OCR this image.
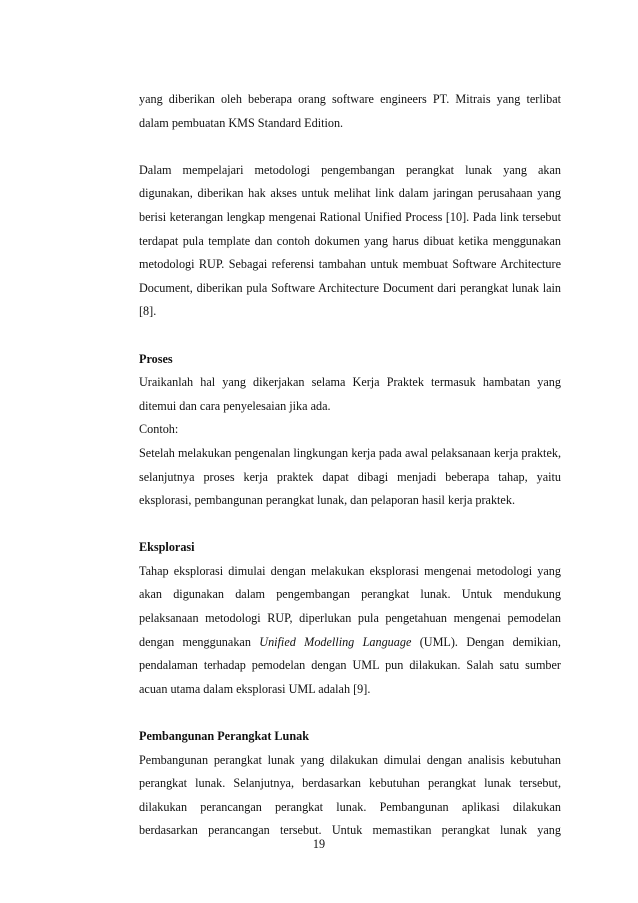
yang diberikan oleh beberapa orang software engineers PT. Mitrais yang terlibat dalam pembuatan KMS Standard Edition.

Dalam mempelajari metodologi pengembangan perangkat lunak yang akan digunakan, diberikan hak akses untuk melihat link dalam jaringan perusahaan yang berisi keterangan lengkap mengenai Rational Unified Process [10]. Pada link tersebut terdapat pula template dan contoh dokumen yang harus dibuat ketika menggunakan metodologi RUP. Sebagai referensi tambahan untuk membuat Software Architecture Document, diberikan pula Software Architecture Document dari perangkat lunak lain [8].

Proses

Uraikanlah hal yang dikerjakan selama Kerja Praktek termasuk hambatan yang ditemui dan cara penyelesaian jika ada.

Contoh:

Setelah melakukan pengenalan lingkungan kerja pada awal pelaksanaan kerja praktek, selanjutnya proses kerja praktek dapat dibagi menjadi beberapa tahap, yaitu eksplorasi, pembangunan perangkat lunak, dan pelaporan hasil kerja praktek.

Eksplorasi

Tahap eksplorasi dimulai dengan melakukan eksplorasi mengenai metodologi yang akan digunakan dalam pengembangan perangkat lunak. Untuk mendukung pelaksanaan metodologi RUP, diperlukan pula pengetahuan mengenai pemodelan dengan menggunakan Unified Modelling Language (UML). Dengan demikian, pendalaman terhadap pemodelan dengan UML pun dilakukan. Salah satu sumber acuan utama dalam eksplorasi UML adalah [9].

Pembangunan Perangkat Lunak

Pembangunan perangkat lunak yang dilakukan dimulai dengan analisis kebutuhan perangkat lunak. Selanjutnya, berdasarkan kebutuhan perangkat lunak tersebut, dilakukan perancangan perangkat lunak. Pembangunan aplikasi dilakukan berdasarkan perancangan tersebut. Untuk memastikan perangkat lunak yang

19
